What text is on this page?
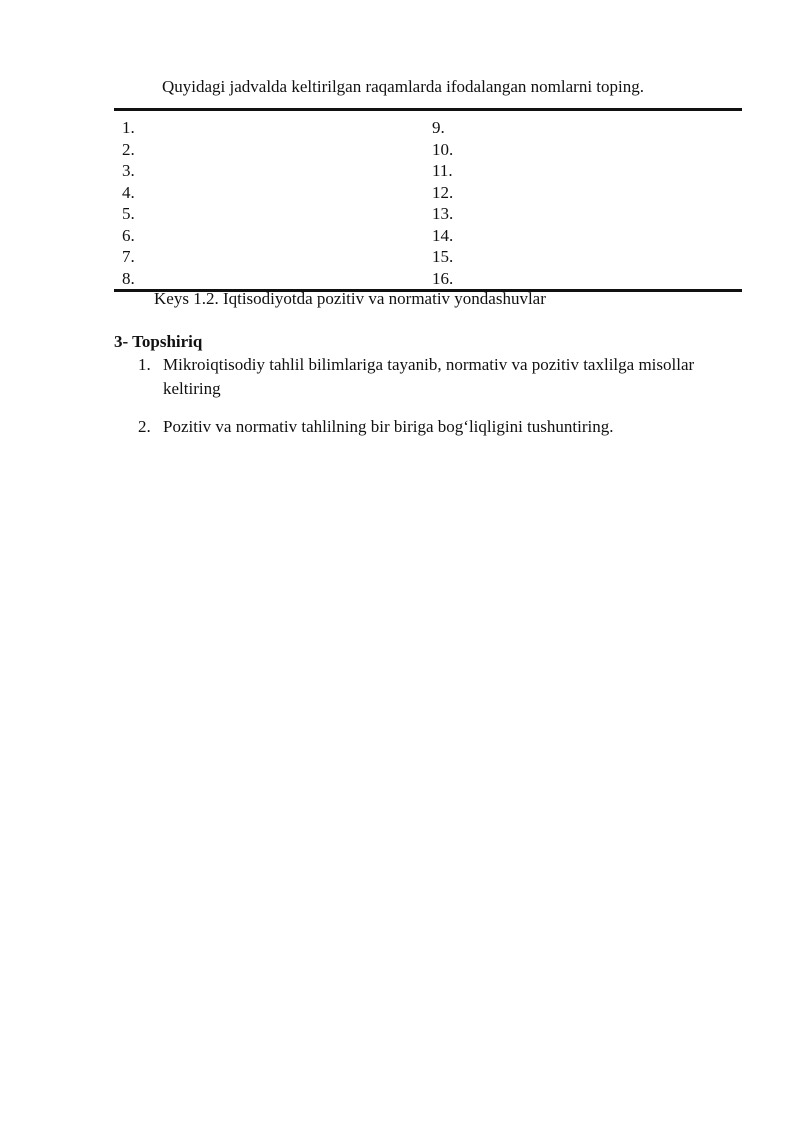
Quyidagi jadvalda keltirilgan raqamlarda ifodalangan nomlarni toping.
1.	9.
2.	10.
3.	11.
4.	12.
5.	13.
6.	14.
7.	15.
8.	16.
Keys 1.2. Iqtisodiyotda pozitiv va normativ yondashuvlar
3- Topshiriq
1. Mikroiqtisodiy tahlil bilimlariga tayanib, normativ va pozitiv taxlilga misollar keltiring
2. Pozitiv va normativ tahlilning bir biriga bog‘liqligini tushuntiring.
